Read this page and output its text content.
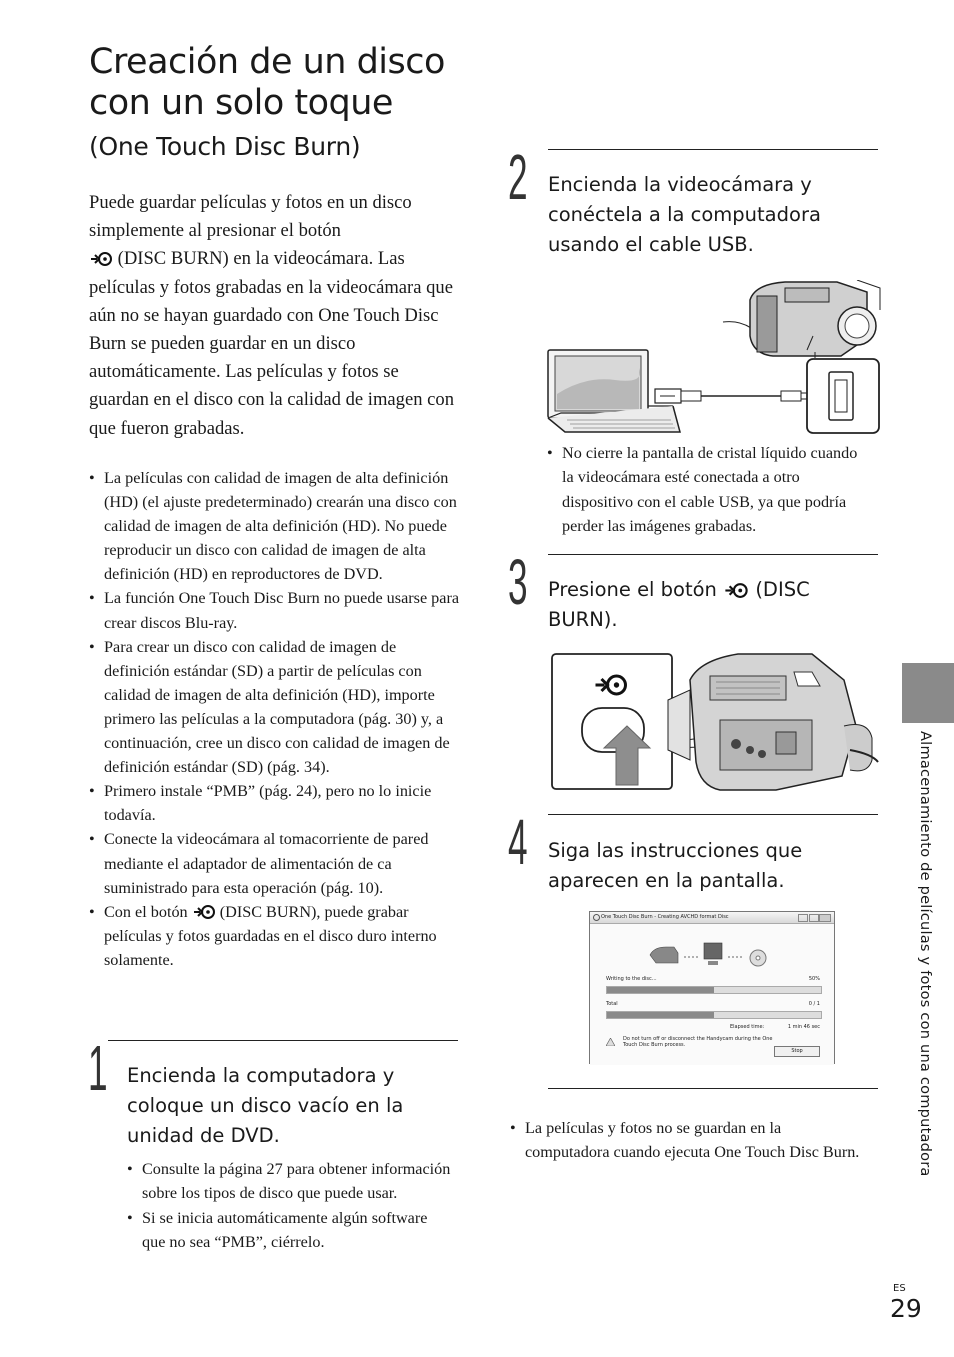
Creación de un disco con un solo toque
(One Touch Disc Burn)
Puede guardar películas y fotos en un disco simplemente al presionar el botón
(DISC BURN) en la videocámara. Las películas y fotos grabadas en la videocámara que aún no se hayan guardado con One Touch Disc Burn se pueden guardar en un disco automáticamente. Las películas y fotos se guardan en el disco con la calidad de imagen con que fueron grabadas.
• La películas con calidad de imagen de alta definición (HD) (el ajuste predeterminado) crearán una disco con calidad de imagen de alta definición (HD). No puede reproducir un disco con calidad de imagen de alta definición (HD) en reproductores de DVD.
• La función One Touch Disc Burn no puede usarse para crear discos Blu-ray.
• Para crear un disco con calidad de imagen de definición estándar (SD) a partir de películas con calidad de imagen de alta definición (HD), importe primero las películas a la computadora (pág. 30) y, a continuación, cree un disco con calidad de imagen de definición estándar (SD) (pág. 34).
• Primero instale “PMB” (pág. 24), pero no lo inicie todavía.
• Conecte la videocámara al tomacorriente de pared mediante el adaptador de alimentación de ca suministrado para esta operación (pág. 10).
• Con el botón (DISC BURN), puede grabar películas y fotos guardadas en el disco duro interno solamente.
1 Encienda la computadora y coloque un disco vacío en la unidad de DVD.
• Consulte la página 27 para obtener información sobre los tipos de disco que puede usar.
• Si se inicia automáticamente algún software que no sea “PMB”, ciérrelo.
2 Encienda la videocámara y conéctela a la computadora usando el cable USB.
• No cierre la pantalla de cristal líquido cuando la videocámara esté conectada a otro dispositivo con el cable USB, ya que podría perder las imágenes grabadas.
3 Presione el botón (DISC BURN).
4 Siga las instrucciones que aparecen en la pantalla.
One Touch Disc Burn - Creating AVCHD format Disc
Writing to the disc...	50%
Total	0 / 1
Elapsed time:	1 min 46 sec
Do not turn off or disconnect the Handycam during the One Touch Disc Burn process.
Stop
• La películas y fotos no se guardan en la computadora cuando ejecuta One Touch Disc Burn.	Almacenamiento de películas y fotos con una computadora
ES
29
